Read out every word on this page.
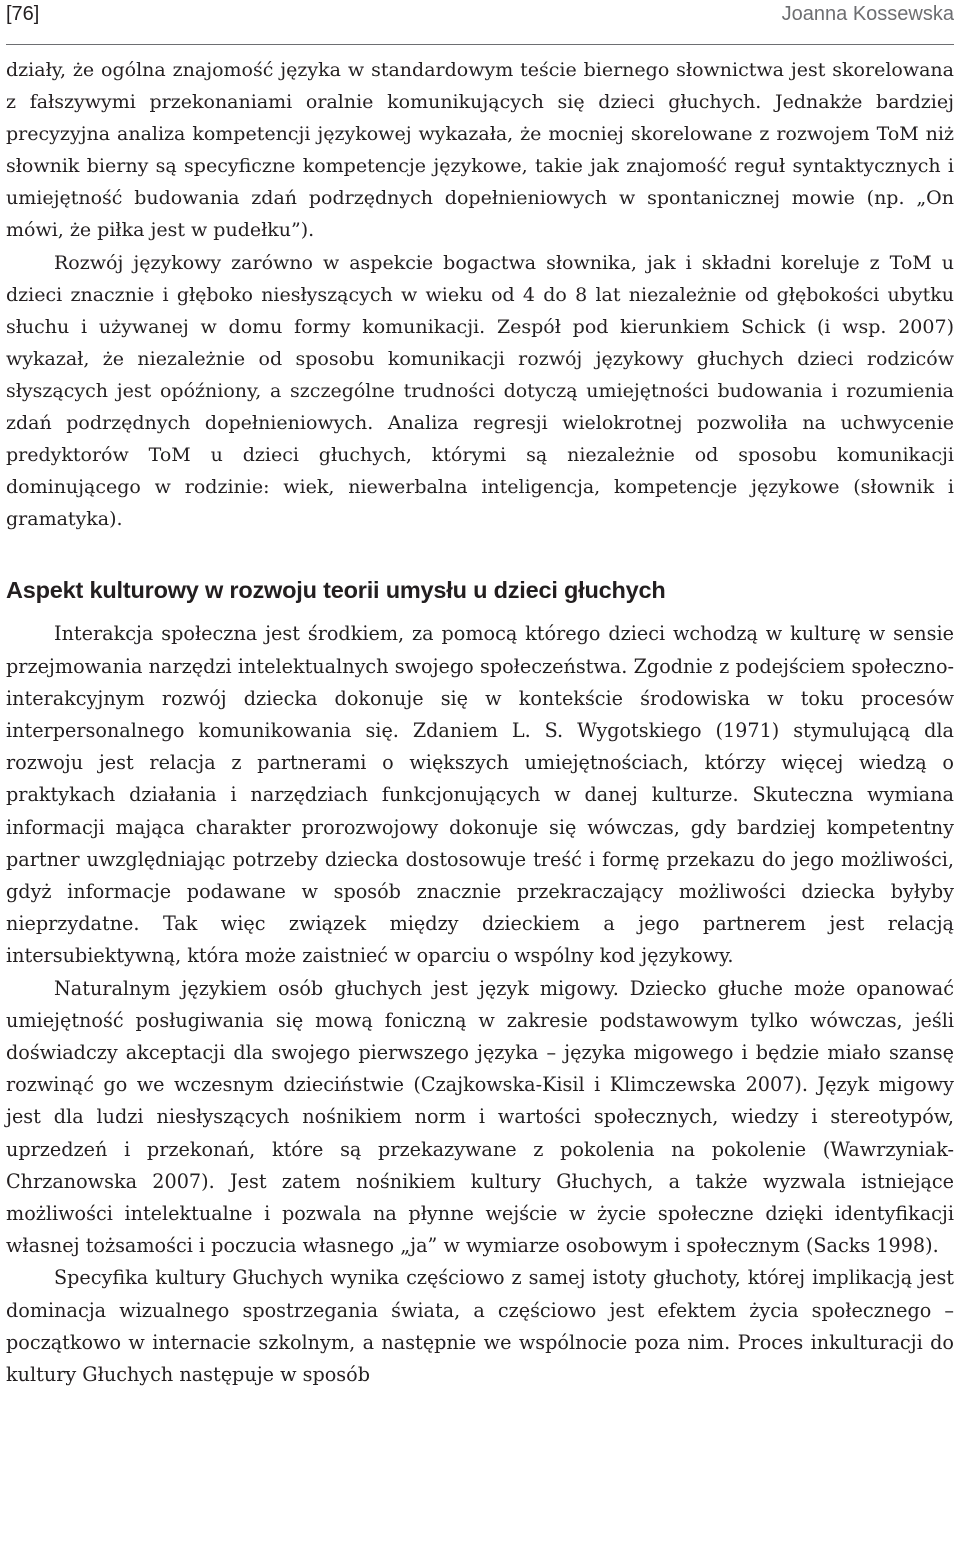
[76]	Joanna Kossewska

działy, że ogólna znajomość języka w standardowym teście biernego słownictwa jest skorelowana z fałszywymi przekonaniami oralnie komunikujących się dzieci głuchych. Jednakże bardziej precyzyjna analiza kompetencji językowej wykazała, że mocniej skorelowane z rozwojem ToM niż słownik bierny są specyficzne kompetencje językowe, takie jak znajomość reguł syntaktycznych i umiejętność budowania zdań podrzędnych dopełnieniowych w spontanicznej mowie (np. „On mówi, że piłka jest w pudełku”).

Rozwój językowy zarówno w aspekcie bogactwa słownika, jak i składni koreluje z ToM u dzieci znacznie i głęboko niesłyszących w wieku od 4 do 8 lat niezależnie od głębokości ubytku słuchu i używanej w domu formy komunikacji. Zespół pod kierunkiem Schick (i wsp. 2007) wykazał, że niezależnie od sposobu komunikacji rozwój językowy głuchych dzieci rodziców słyszących jest opóźniony, a szczególne trudności dotyczą umiejętności budowania i rozumienia zdań podrzędnych dopełnieniowych. Analiza regresji wielokrotnej pozwoliła na uchwycenie predyktorów ToM u dzieci głuchych, którymi są niezależnie od sposobu komunikacji dominującego w rodzinie: wiek, niewerbalna inteligencja, kompetencje językowe (słownik i gramatyka).

Aspekt kulturowy w rozwoju teorii umysłu u dzieci głuchych

Interakcja społeczna jest środkiem, za pomocą którego dzieci wchodzą w kulturę w sensie przejmowania narzędzi intelektualnych swojego społeczeństwa. Zgodnie z podejściem społeczno-interakcyjnym rozwój dziecka dokonuje się w kontekście środowiska w toku procesów interpersonalnego komunikowania się. Zdaniem L. S. Wygotskiego (1971) stymulującą dla rozwoju jest relacja z partnerami o większych umiejętnościach, którzy więcej wiedzą o praktykach działania i narzędziach funkcjonujących w danej kulturze. Skuteczna wymiana informacji mająca charakter prorozwojowy dokonuje się wówczas, gdy bardziej kompetentny partner uwzględniając potrzeby dziecka dostosowuje treść i formę przekazu do jego możliwości, gdyż informacje podawane w sposób znacznie przekraczający możliwości dziecka byłyby nieprzydatne. Tak więc związek między dzieckiem a jego partnerem jest relacją intersubiektywną, która może zaistnieć w oparciu o wspólny kod językowy.

Naturalnym językiem osób głuchych jest język migowy. Dziecko głuche może opanować umiejętność posługiwania się mową foniczną w zakresie podstawowym tylko wówczas, jeśli doświadczy akceptacji dla swojego pierwszego języka – języka migowego i będzie miało szansę rozwinąć go we wczesnym dzieciństwie (Czajkowska-Kisil i Klimczewska 2007). Język migowy jest dla ludzi niesłyszących nośnikiem norm i wartości społecznych, wiedzy i stereotypów, uprzedzeń i przekonań, które są przekazywane z pokolenia na pokolenie (Wawrzyniak-Chrzanowska 2007). Jest zatem nośnikiem kultury Głuchych, a także wyzwala istniejące możliwości intelektualne i pozwala na płynne wejście w życie społeczne dzięki identyfikacji własnej tożsamości i poczucia własnego „ja” w wymiarze osobowym i społecznym (Sacks 1998).

Specyfika kultury Głuchych wynika częściowo z samej istoty głuchoty, której implikacją jest dominacja wizualnego spostrzegania świata, a częściowo jest efektem życia społecznego – początkowo w internacie szkolnym, a następnie we wspólnocie poza nim. Proces inkulturacji do kultury Głuchych następuje w sposób
